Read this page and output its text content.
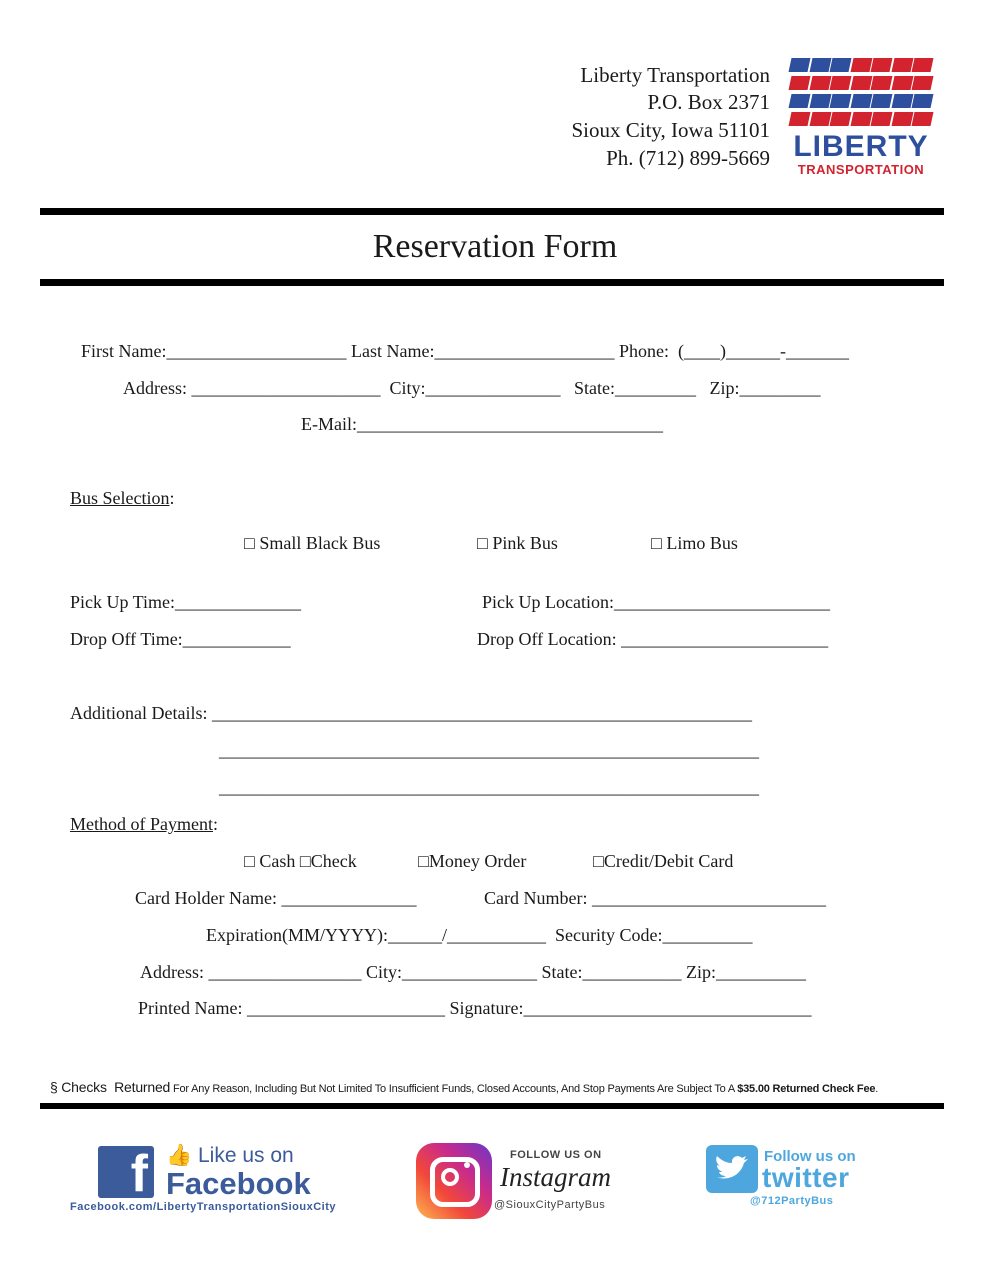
Liberty Transportation
P.O. Box 2371
Sioux City, Iowa 51101
Ph. (712) 899-5669 LIBERTY
TRANSPORTATION
Reservation Form
First Name:____________________ Last Name:____________________ Phone:  (____)______-_______
Address: _____________________  City:_______________   State:_________   Zip:_________
E-Mail:__________________________________
Bus Selection:
□ Small Black Bus	□ Pink Bus	□ Limo Bus
Pick Up Time:______________	Pick Up Location:________________________
Drop Off Time:____________	Drop Off Location: _______________________
Additional Details: ____________________________________________________________
____________________________________________________________
____________________________________________________________
Method of Payment:
□ Cash □Check	□Money Order	□Credit/Debit Card
Card Holder Name: _______________	Card Number: __________________________
Expiration(MM/YYYY):______/___________  Security Code:__________
Address: _________________ City:_______________ State:___________ Zip:__________
Printed Name: ______________________ Signature:________________________________
§ Checks  Returned For Any Reason, Including But Not Limited To Insufficient Funds, Closed Accounts, And Stop Payments Are Subject To A $35.00 Returned Check Fee.
f 👍 Like us on
Facebook
Facebook.com/LibertyTransportationSiouxCity
FOLLOW US ON
Instagram
@SiouxCityPartyBus
Follow us on
twitter
@712PartyBus
